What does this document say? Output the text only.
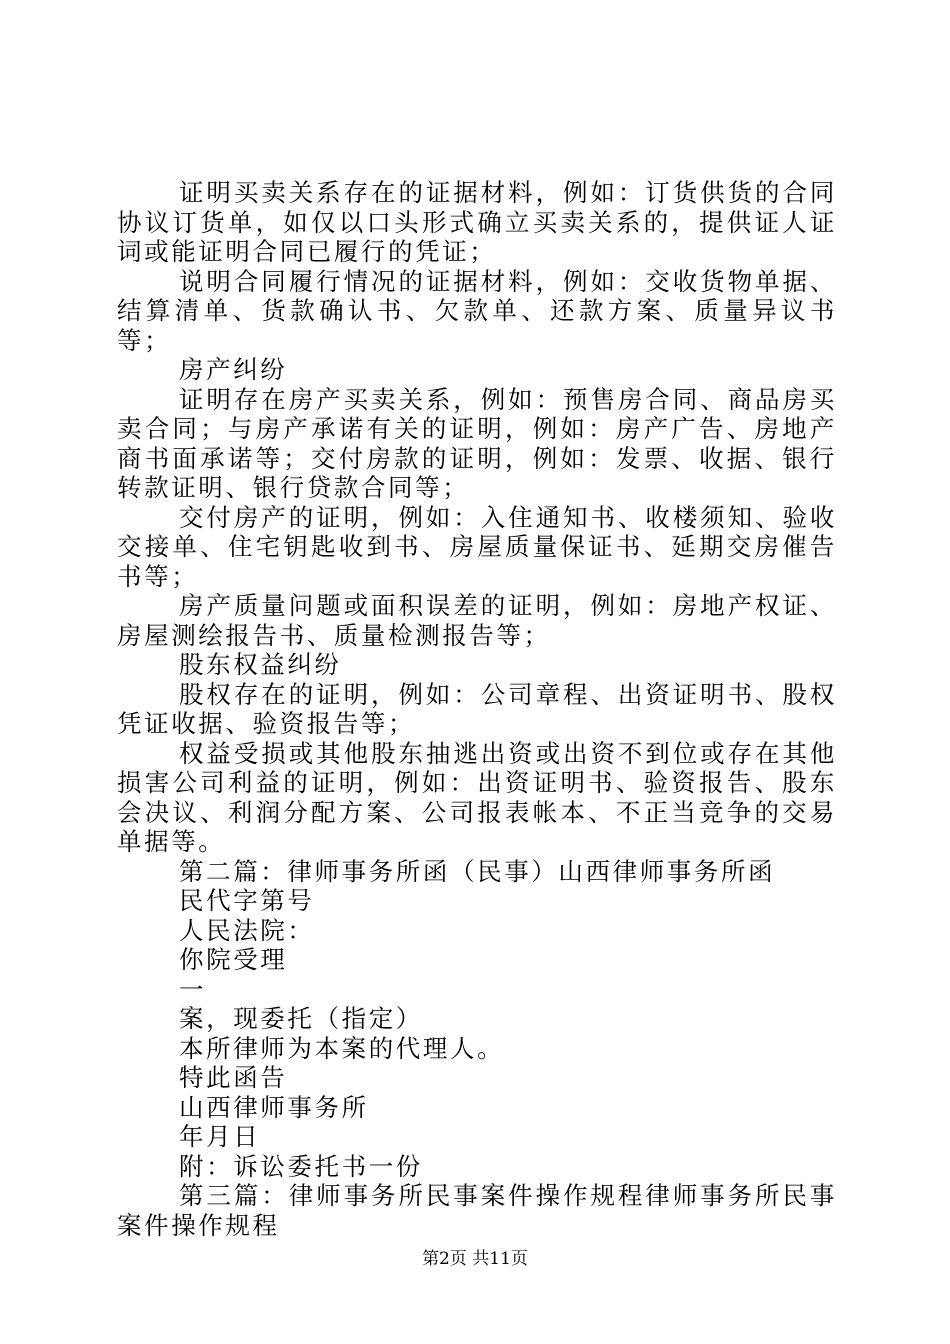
证明买卖关系存在的证据材料，例如：订货供货的合同协议订货单，如仅以口头形式确立买卖关系的，提供证人证词或能证明合同已履行的凭证；

说明合同履行情况的证据材料，例如：交收货物单据、结算清单、货款确认书、欠款单、还款方案、质量异议书等；

房产纠纷

证明存在房产买卖关系，例如：预售房合同、商品房买卖合同；与房产承诺有关的证明，例如：房产广告、房地产商书面承诺等；交付房款的证明，例如：发票、收据、银行转款证明、银行贷款合同等；

交付房产的证明，例如：入住通知书、收楼须知、验收交接单、住宅钥匙收到书、房屋质量保证书、延期交房催告书等；

房产质量问题或面积误差的证明，例如：房地产权证、房屋测绘报告书、质量检测报告等；

股东权益纠纷

股权存在的证明，例如：公司章程、出资证明书、股权凭证收据、验资报告等；

权益受损或其他股东抽逃出资或出资不到位或存在其他损害公司利益的证明，例如：出资证明书、验资报告、股东会决议、利润分配方案、公司报表帐本、不正当竞争的交易单据等。

第二篇：律师事务所函（民事）山西律师事务所函

民代字第号

人民法院：

你院受理

一

案，现委托（指定）

本所律师为本案的代理人。

特此函告

山西律师事务所

年月日

附：诉讼委托书一份

第三篇：律师事务所民事案件操作规程律师事务所民事案件操作规程

第2页 共11页
